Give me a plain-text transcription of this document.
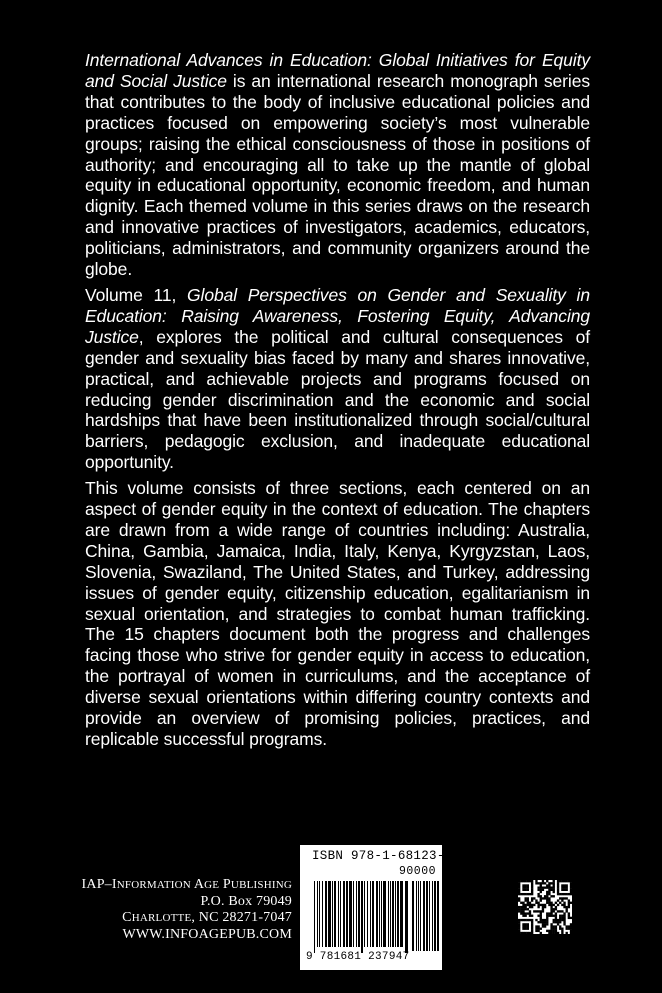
International Advances in Education: Global Initiatives for Equity and Social Justice is an international research monograph series that contributes to the body of inclusive educational policies and practices focused on empowering society’s most vulnerable groups; raising the ethical consciousness of those in positions of authority; and encouraging all to take up the mantle of global equity in educational opportunity, economic freedom, and human dignity. Each themed volume in this series draws on the research and innovative practices of investigators, academics, educators, politicians, administrators, and community organizers around the globe.

Volume 11, Global Perspectives on Gender and Sexuality in Education: Raising Awareness, Fostering Equity, Advancing Justice, explores the political and cultural consequences of gender and sexuality bias faced by many and shares innovative, practical, and achievable projects and programs focused on reducing gender discrimination and the economic and social hardships that have been institutionalized through social/cultural barriers, pedagogic exclusion, and inadequate educational opportunity.

This volume consists of three sections, each centered on an aspect of gender equity in the context of education. The chapters are drawn from a wide range of countries including: Australia, China, Gambia, Jamaica, India, Italy, Kenya, Kyrgyzstan, Laos, Slovenia, Swaziland, The United States, and Turkey, addressing issues of gender equity, citizenship education, egalitarianism in sexual orientation, and strategies to combat human trafficking. The 15 chapters document both the progress and challenges facing those who strive for gender equity in access to education, the portrayal of women in curriculums, and the acceptance of diverse sexual orientations within differing country contexts and provide an overview of promising policies, practices, and replicable successful programs.

IAP–INFORMATION AGE PUBLISHING
P.O. Box 79049
CHARLOTTE, NC 28271-7047
WWW.INFOAGEPUB.COM
ISBN 978-1-68123-794-7
90000
9 781681 237947
